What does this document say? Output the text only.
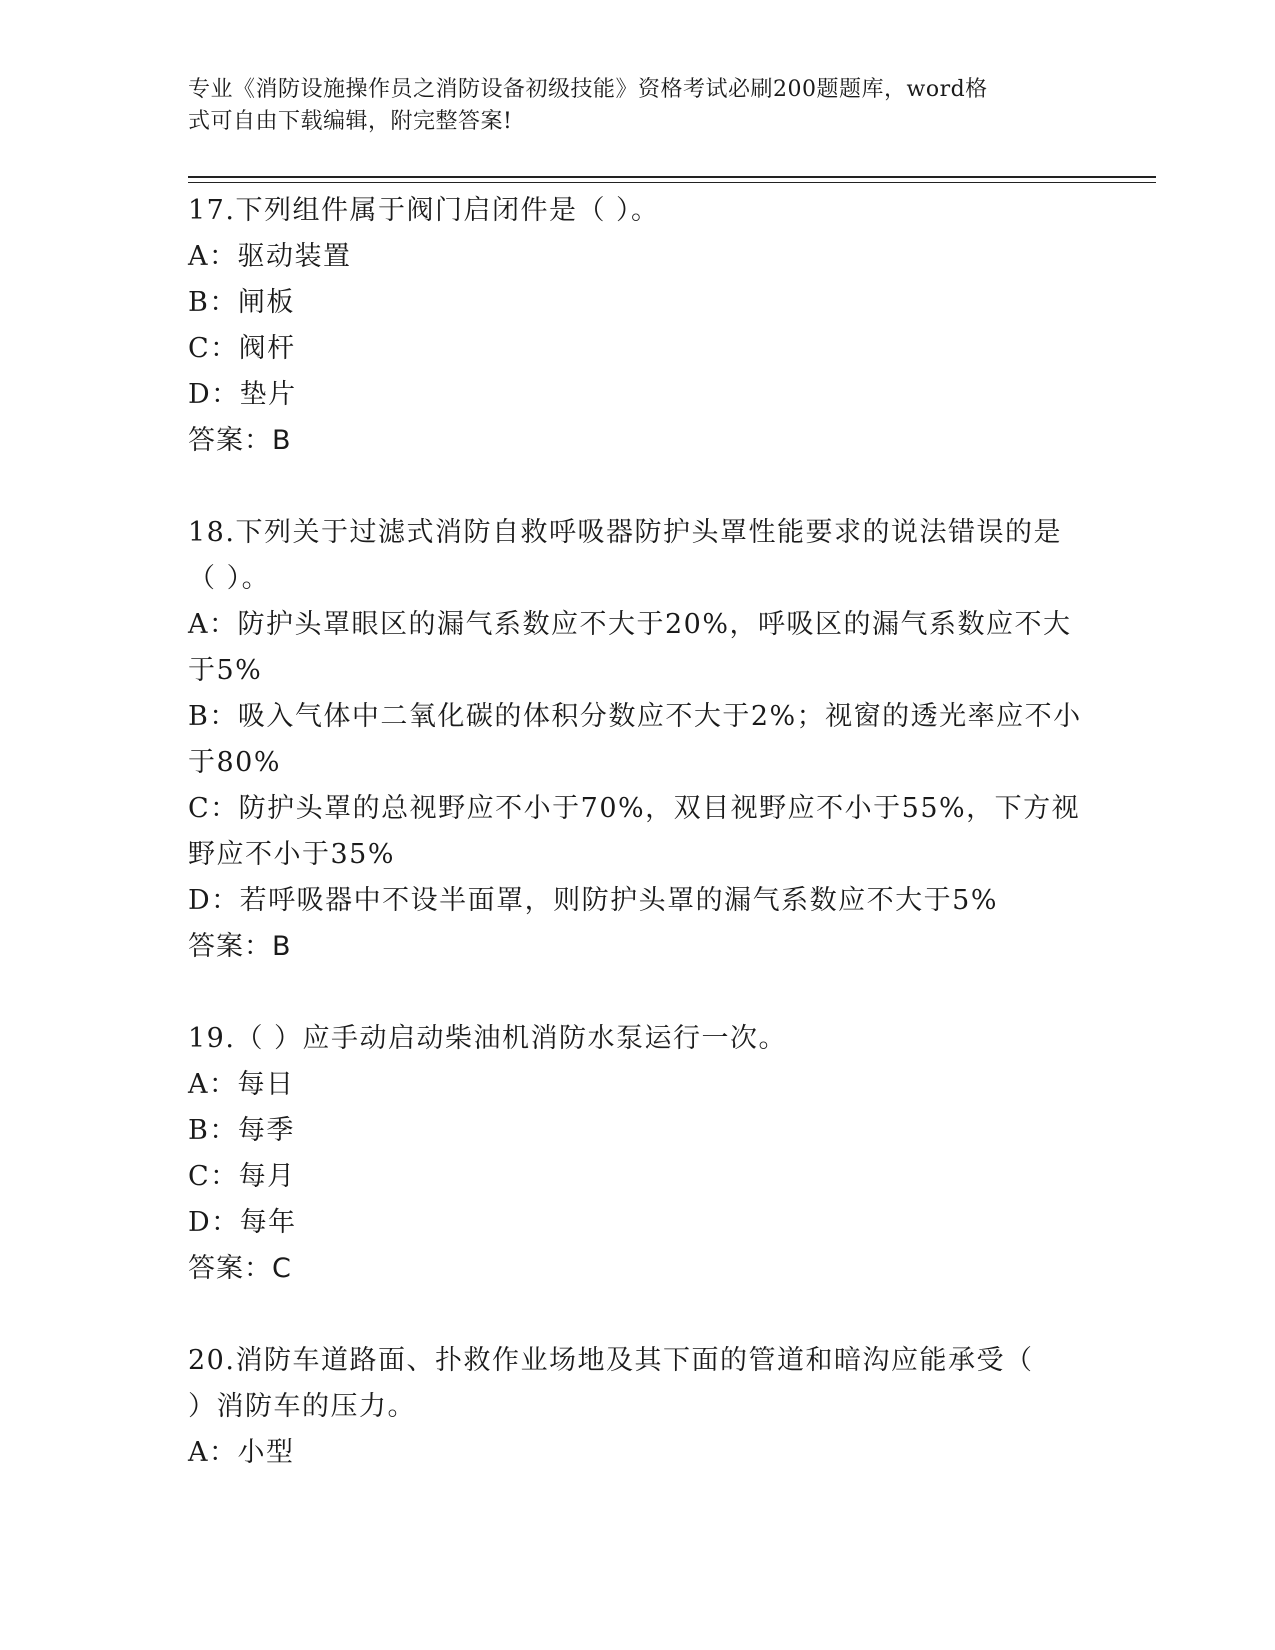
专业《消防设施操作员之消防设备初级技能》资格考试必刷200题题库，word格
式可自由下载编辑，附完整答案!
17.下列组件属于阀门启闭件是（ ）。
A：驱动装置
B：闸板
C：阀杆
D：垫片
答案：B
18.下列关于过滤式消防自救呼吸器防护头罩性能要求的说法错误的是
（ ）。
A：防护头罩眼区的漏气系数应不大于20%，呼吸区的漏气系数应不大
于5%
B：吸入气体中二氧化碳的体积分数应不大于2%；视窗的透光率应不小
于80%
C：防护头罩的总视野应不小于70%，双目视野应不小于55%，下方视
野应不小于35%
D：若呼吸器中不设半面罩，则防护头罩的漏气系数应不大于5%
答案：B
19.（ ）应手动启动柴油机消防水泵运行一次。
A：每日
B：每季
C：每月
D：每年
答案：C
20.消防车道路面、扑救作业场地及其下面的管道和暗沟应能承受（
）消防车的压力。
A：小型
